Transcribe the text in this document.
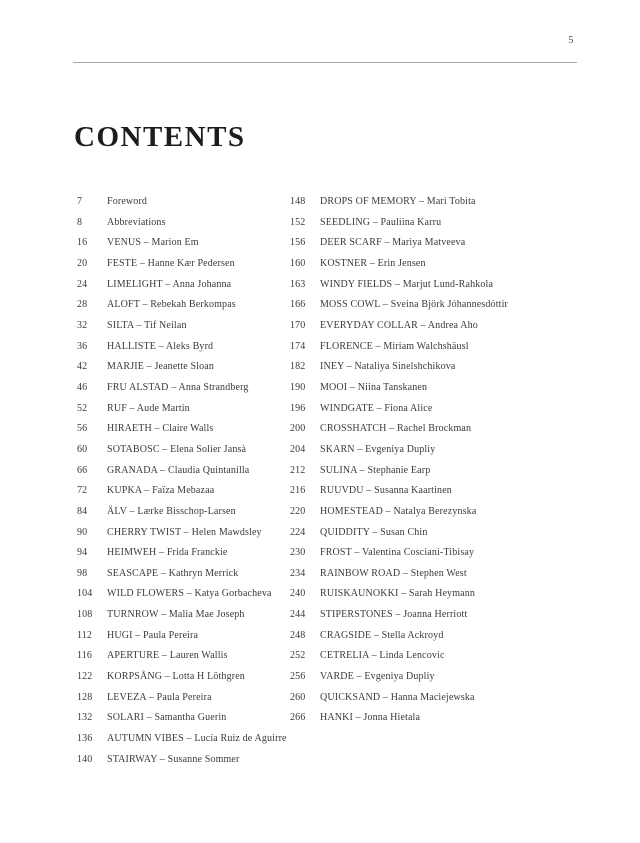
5
CONTENTS
7	Foreword
8	Abbreviations
16	VENUS – Marion Em
20	FESTE – Hanne Kær Pedersen
24	LIMELIGHT – Anna Johanna
28	ALOFT – Rebekah Berkompas
32	SILTA – Tif Neilan
36	HALLISTE – Aleks Byrd
42	MARJIE – Jeanette Sloan
46	FRU ALSTAD – Anna Strandberg
52	RUF – Aude Martin
56	HIRAETH – Claire Walls
60	SOTABOSC – Elena Solier Jansà
66	GRANADA – Claudia Quintanilla
72	KUPKA – Faïza Mebazaa
84	ÄLV – Lærke Bisschop-Larsen
90	CHERRY TWIST – Helen Mawdsley
94	HEIMWEH – Frida Franckie
98	SEASCAPE – Kathryn Merrick
104	WILD FLOWERS – Katya Gorbacheva
108	TURNROW – Malia Mae Joseph
112	HUGI – Paula Pereira
116	APERTURE – Lauren Wallis
122	KORPSÅNG – Lotta H Löthgren
128	LEVEZA – Paula Pereira
132	SOLARI – Samantha Guerin
136	AUTUMN VIBES – Lucía Ruiz de Aguirre
140	STAIRWAY – Susanne Sommer
148	DROPS OF MEMORY – Mari Tobita
152	SEEDLING – Pauliina Karru
156	DEER SCARF – Mariya Matveeva
160	KOSTNER – Erin Jensen
163	WINDY FIELDS – Marjut Lund-Rahkola
166	MOSS COWL – Sveina Björk Jóhannesdóttir
170	EVERYDAY COLLAR – Andrea Aho
174	FLORENCE – Miriam Walchshäusl
182	INEY – Nataliya Sinelshchikova
190	MOOI – Niina Tanskanen
196	WINDGATE – Fiona Alice
200	CROSSHATCH – Rachel Brockman
204	SKARN – Evgeniya Dupliy
212	SULINA – Stephanie Earp
216	RUUVDU – Susanna Kaartinen
220	HOMESTEAD – Natalya Berezynska
224	QUIDDITY – Susan Chin
230	FROST – Valentina Cosciani-Tibisay
234	RAINBOW ROAD – Stephen West
240	RUISKAUNOKKI – Sarah Heymann
244	STIPERSTONES – Joanna Herriott
248	CRAGSIDE – Stella Ackroyd
252	CETRELIA – Linda Lencovic
256	VARDE – Evgeniya Dupliy
260	QUICKSAND – Hanna Maciejewska
266	HANKI – Jonna Hietala
